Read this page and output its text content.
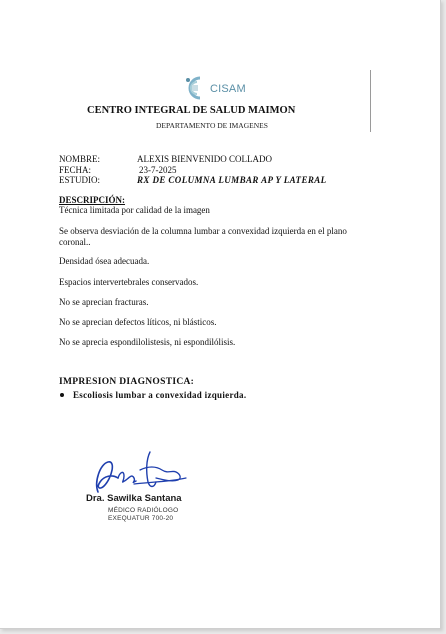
CISAM
CENTRO INTEGRAL DE SALUD MAIMON
DEPARTAMENTO DE IMAGENES
NOMBRE:	ALEXIS BIENVENIDO COLLADO
FECHA:	23-7-2025
ESTUDIO:	RX DE COLUMNA LUMBAR AP Y LATERAL
DESCRIPCIÓN:
Técnica limitada por calidad de la imagen
Se observa desviación de la columna lumbar a convexidad izquierda en el plano coronal..
Densidad ósea adecuada.
Espacios intervertebrales conservados.
No se aprecian fracturas.
No se aprecian defectos líticos, ni blásticos.
No se aprecia espondilolistesis, ni espondilólisis.
IMPRESION DIAGNOSTICA:
Escoliosis lumbar a convexidad izquierda.
Dra. Sawilka Santana
MÉDICO RADIÓLOGO
EXEQUATUR 700-20
